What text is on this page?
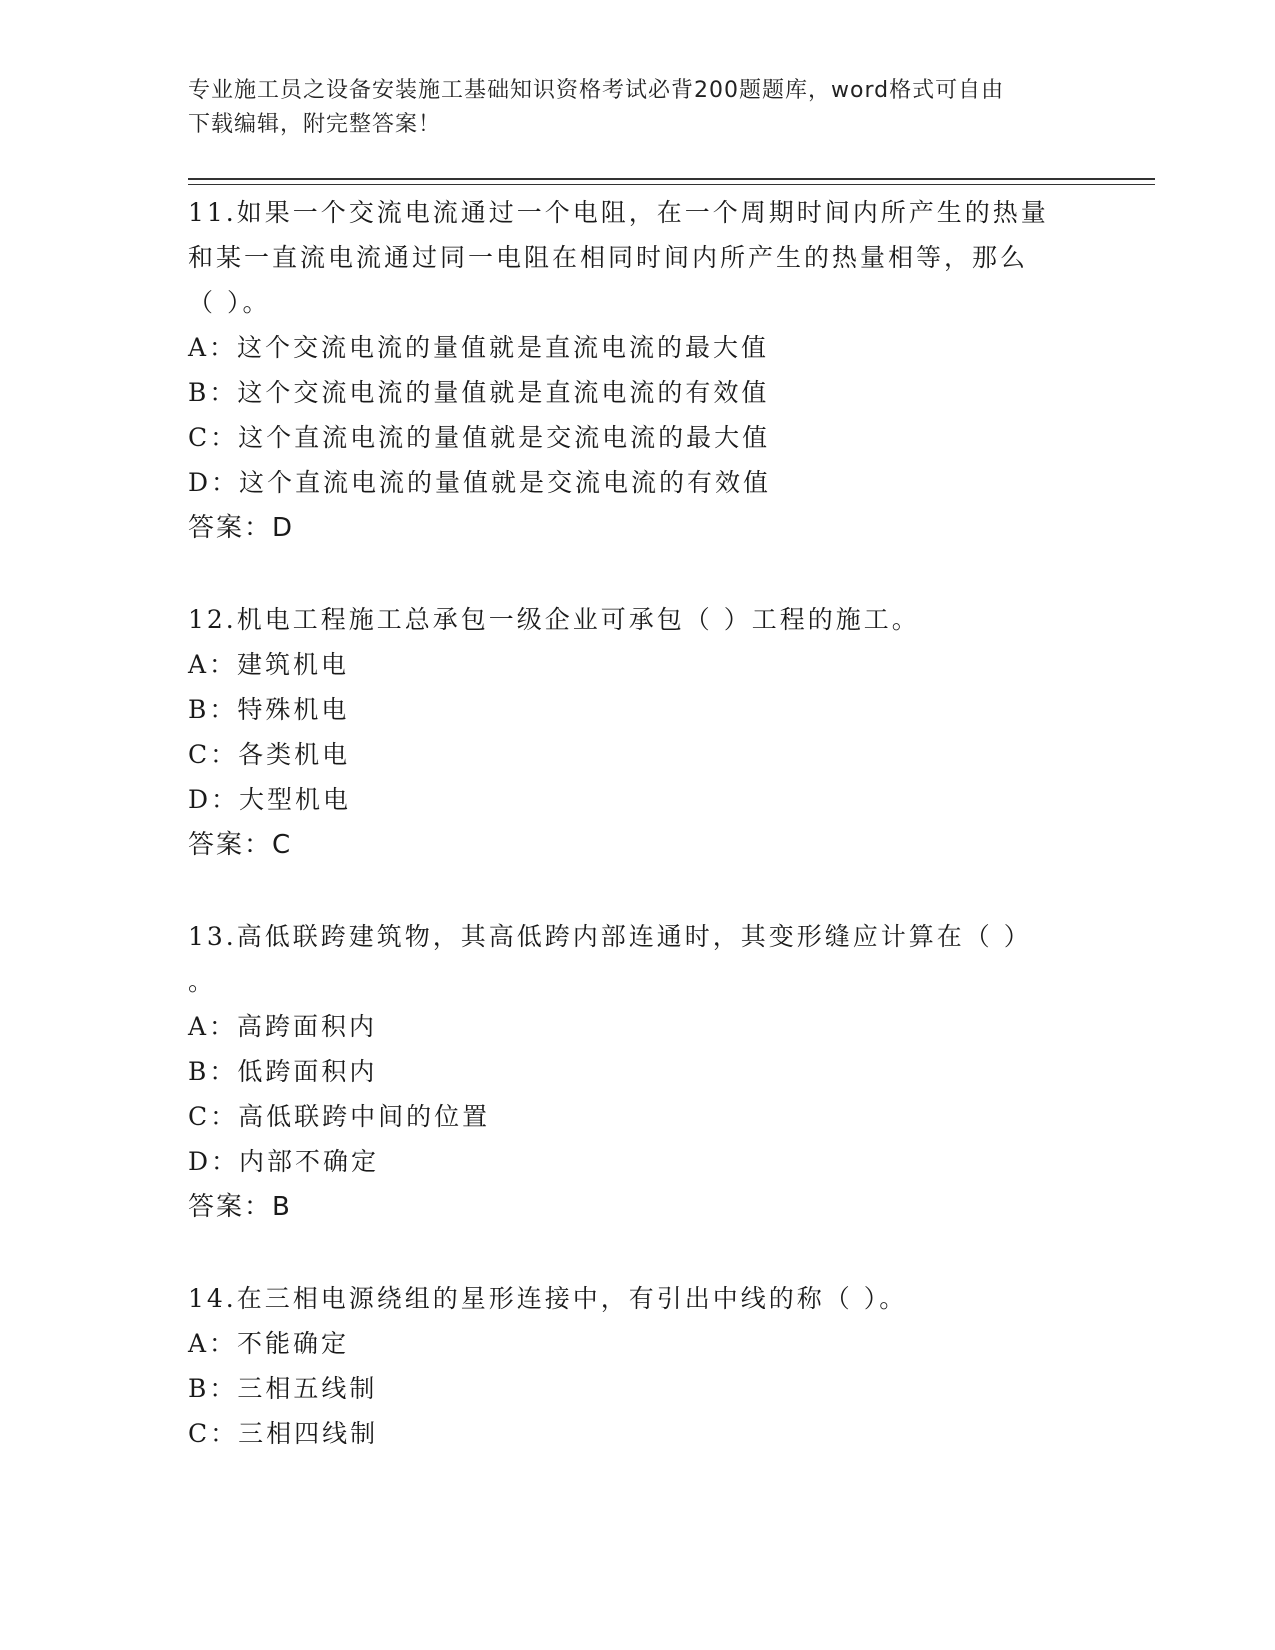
专业施工员之设备安装施工基础知识资格考试必背200题题库，word格式可自由
下载编辑，附完整答案！
11.如果一个交流电流通过一个电阻，在一个周期时间内所产生的热量
和某一直流电流通过同一电阻在相同时间内所产生的热量相等，那么
（ ）。
A：这个交流电流的量值就是直流电流的最大值
B：这个交流电流的量值就是直流电流的有效值
C：这个直流电流的量值就是交流电流的最大值
D：这个直流电流的量值就是交流电流的有效值
答案：D
12.机电工程施工总承包一级企业可承包（ ）工程的施工。
A：建筑机电
B：特殊机电
C：各类机电
D：大型机电
答案：C
13.高低联跨建筑物，其高低跨内部连通时，其变形缝应计算在（ ）
。
A：高跨面积内
B：低跨面积内
C：高低联跨中间的位置
D：内部不确定
答案：B
14.在三相电源绕组的星形连接中，有引出中线的称（ ）。
A：不能确定
B：三相五线制
C：三相四线制
